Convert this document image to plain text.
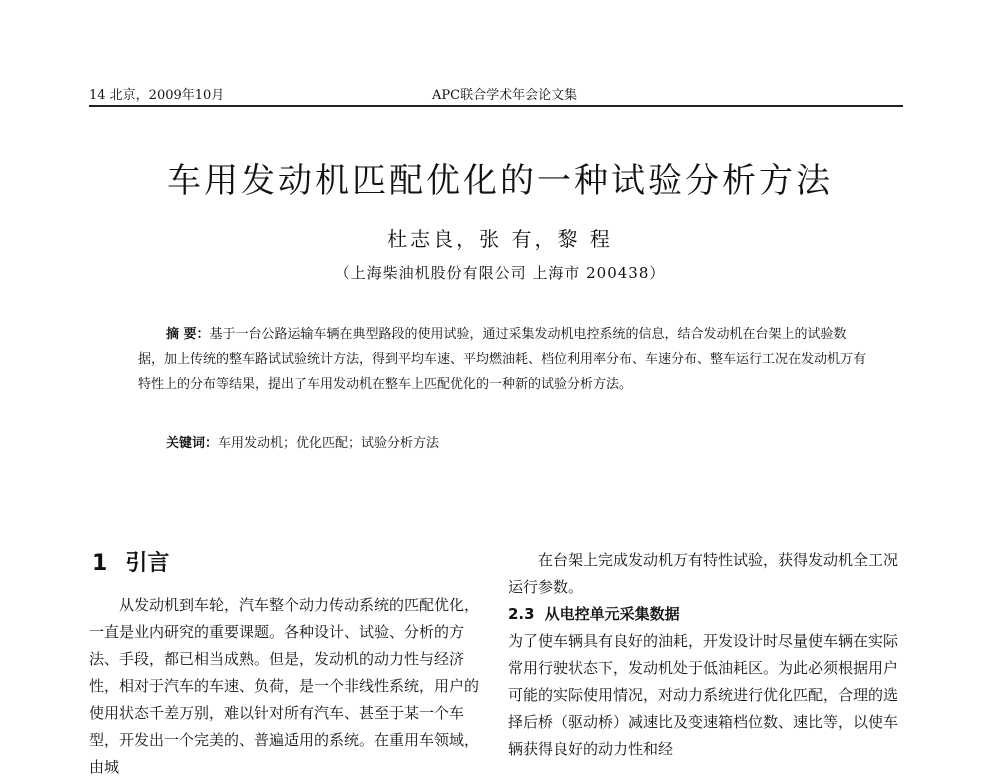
14 北京，2009年10月	APC联合学术年会论文集
车用发动机匹配优化的一种试验分析方法
杜志良，张 有，黎 程
（上海柴油机股份有限公司 上海市 200438）
摘 要：基于一台公路运输车辆在典型路段的使用试验，通过采集发动机电控系统的信息，结合发动机在台架上的试验数据，加上传统的整车路试试验统计方法，得到平均车速、平均燃油耗、档位利用率分布、车速分布、整车运行工况在发动机万有特性上的分布等结果，提出了车用发动机在整车上匹配优化的一种新的试验分析方法。
关键词：车用发动机；优化匹配；试验分析方法
1 引言
从发动机到车轮，汽车整个动力传动系统的匹配优化，一直是业内研究的重要课题。各种设计、试验、分析的方法、手段，都已相当成熟。但是，发动机的动力性与经济性，相对于汽车的车速、负荷，是一个非线性系统，用户的使用状态千差万别，难以针对所有汽车、甚至于某一个车型，开发出一个完美的、普遍适用的系统。在重用车领域，由城
在台架上完成发动机万有特性试验，获得发动机全工况运行参数。
2.3 从电控单元采集数据
为了使车辆具有良好的油耗，开发设计时尽量使车辆在实际常用行驶状态下，发动机处于低油耗区。为此必须根据用户可能的实际使用情况，对动力系统进行优化匹配，合理的选择后桥（驱动桥）减速比及变速箱档位数、速比等，以使车辆获得良好的动力性和经
